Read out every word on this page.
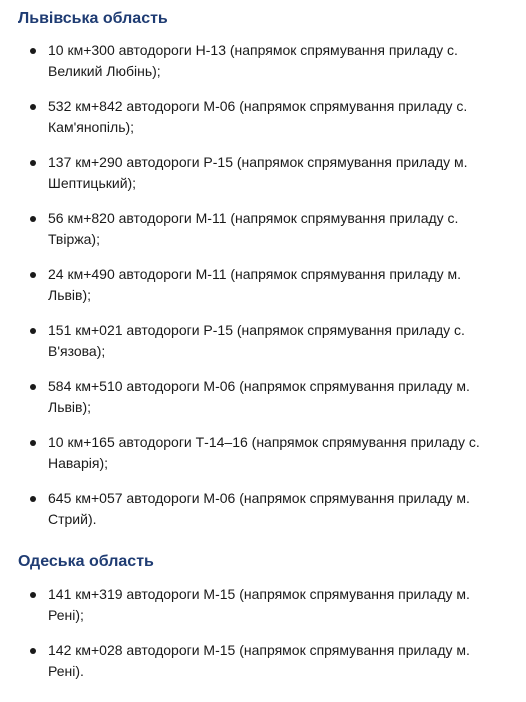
Львівська область
10 км+300 автодороги Н-13 (напрямок спрямування приладу с. Великий Любінь);
532 км+842 автодороги М-06 (напрямок спрямування приладу с. Кам'янопіль);
137 км+290 автодороги Р-15 (напрямок спрямування приладу м. Шептицький);
56 км+820 автодороги М-11 (напрямок спрямування приладу с. Твіржа);
24 км+490 автодороги М-11 (напрямок спрямування приладу м. Львів);
151 км+021 автодороги Р-15 (напрямок спрямування приладу с. В'язова);
584 км+510 автодороги М-06 (напрямок спрямування приладу м. Львів);
10 км+165 автодороги Т-14–16 (напрямок спрямування приладу с. Наварія);
645 км+057 автодороги М-06 (напрямок спрямування приладу м. Стрий).
Одеська область
141 км+319 автодороги М-15 (напрямок спрямування приладу м. Рені);
142 км+028 автодороги М-15 (напрямок спрямування приладу м. Рені).
